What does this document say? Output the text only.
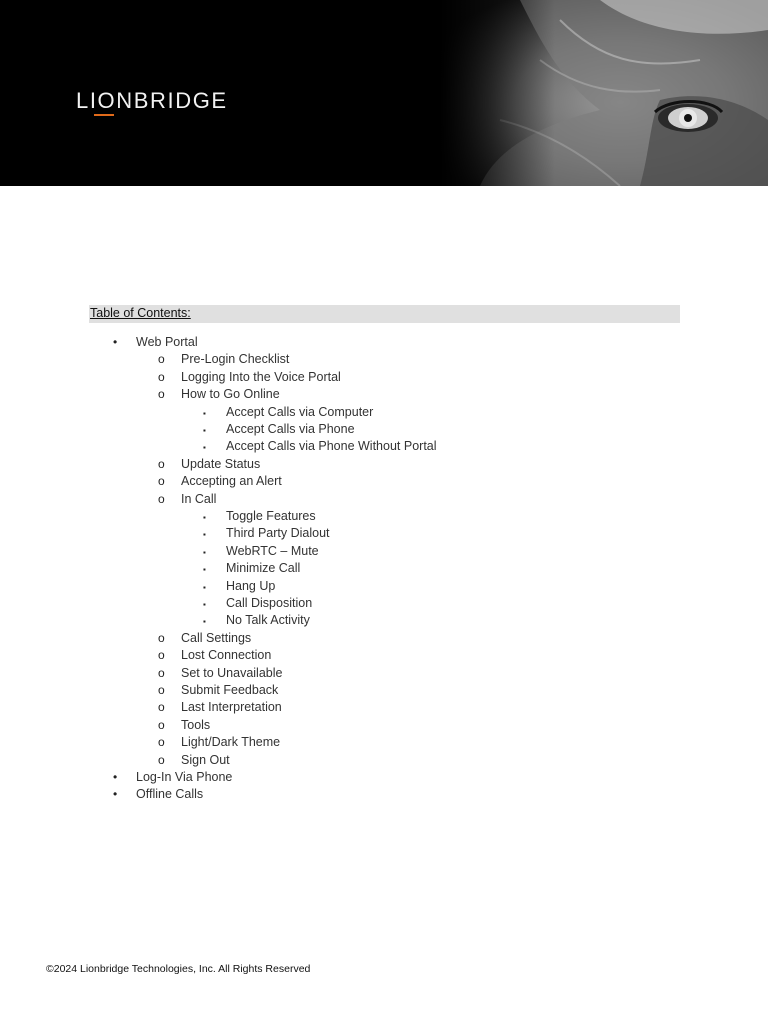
LIONBRIDGE
Table of Contents:
• Web Portal
o Pre-Login Checklist
o Logging Into the Voice Portal
o How to Go Online
▪ Accept Calls via Computer
▪ Accept Calls via Phone
▪ Accept Calls via Phone Without Portal
o Update Status
o Accepting an Alert
o In Call
▪ Toggle Features
▪ Third Party Dialout
▪ WebRTC – Mute
▪ Minimize Call
▪ Hang Up
▪ Call Disposition
▪ No Talk Activity
o Call Settings
o Lost Connection
o Set to Unavailable
o Submit Feedback
o Last Interpretation
o Tools
o Light/Dark Theme
o Sign Out
• Log-In Via Phone
• Offline Calls
©2024 Lionbridge Technologies, Inc. All Rights Reserved
